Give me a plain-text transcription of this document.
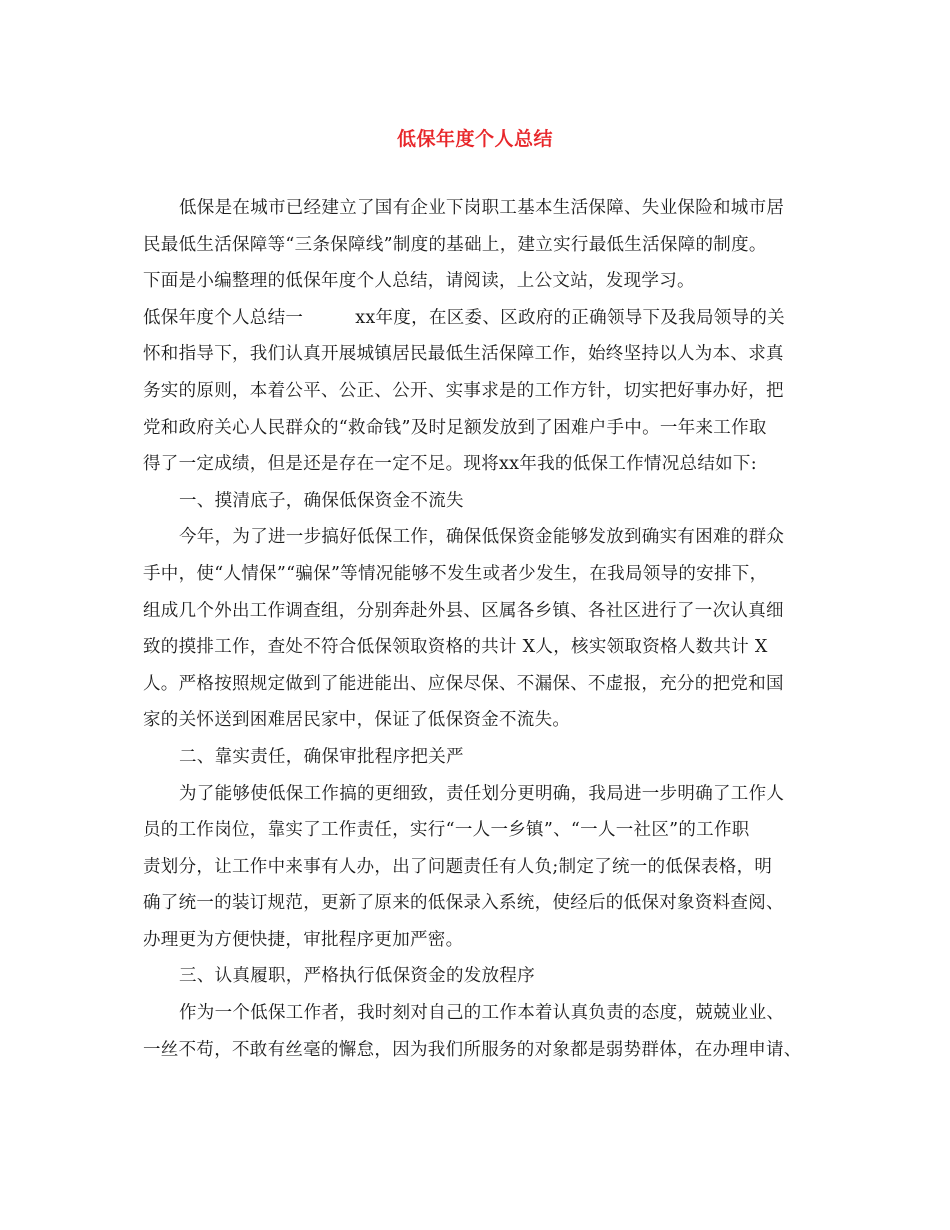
低保年度个人总结
低保是在城市已经建立了国有企业下岗职工基本生活保障、失业保险和城市居
民最低生活保障等“三条保障线”制度的基础上，建立实行最低生活保障的制度。
下面是小编整理的低保年度个人总结，请阅读，上公文站，发现学习。
低保年度个人总结一	xx年度，在区委、区政府的正确领导下及我局领导的关
怀和指导下，我们认真开展城镇居民最低生活保障工作，始终坚持以人为本、求真
务实的原则，本着公平、公正、公开、实事求是的工作方针，切实把好事办好，把
党和政府关心人民群众的“救命钱”及时足额发放到了困难户手中。一年来工作取
得了一定成绩，但是还是存在一定不足。现将xx年我的低保工作情况总结如下:
一、摸清底子，确保低保资金不流失
今年，为了进一步搞好低保工作，确保低保资金能够发放到确实有困难的群众
手中，使“人情保”“骗保”等情况能够不发生或者少发生，在我局领导的安排下，
组成几个外出工作调查组，分别奔赴外县、区属各乡镇、各社区进行了一次认真细
致的摸排工作，查处不符合低保领取资格的共计 X人，核实领取资格人数共计 X
人。严格按照规定做到了能进能出、应保尽保、不漏保、不虚报，充分的把党和国
家的关怀送到困难居民家中，保证了低保资金不流失。
二、靠实责任，确保审批程序把关严
为了能够使低保工作搞的更细致，责任划分更明确，我局进一步明确了工作人
员的工作岗位，靠实了工作责任，实行“一人一乡镇”、“一人一社区”的工作职
责划分，让工作中来事有人办，出了问题责任有人负;制定了统一的低保表格，明
确了统一的装订规范，更新了原来的低保录入系统，使经后的低保对象资料查阅、
办理更为方便快捷，审批程序更加严密。
三、认真履职，严格执行低保资金的发放程序
作为一个低保工作者，我时刻对自己的工作本着认真负责的态度，兢兢业业、
一丝不苟，不敢有丝毫的懈怠，因为我们所服务的对象都是弱势群体，在办理申请、
